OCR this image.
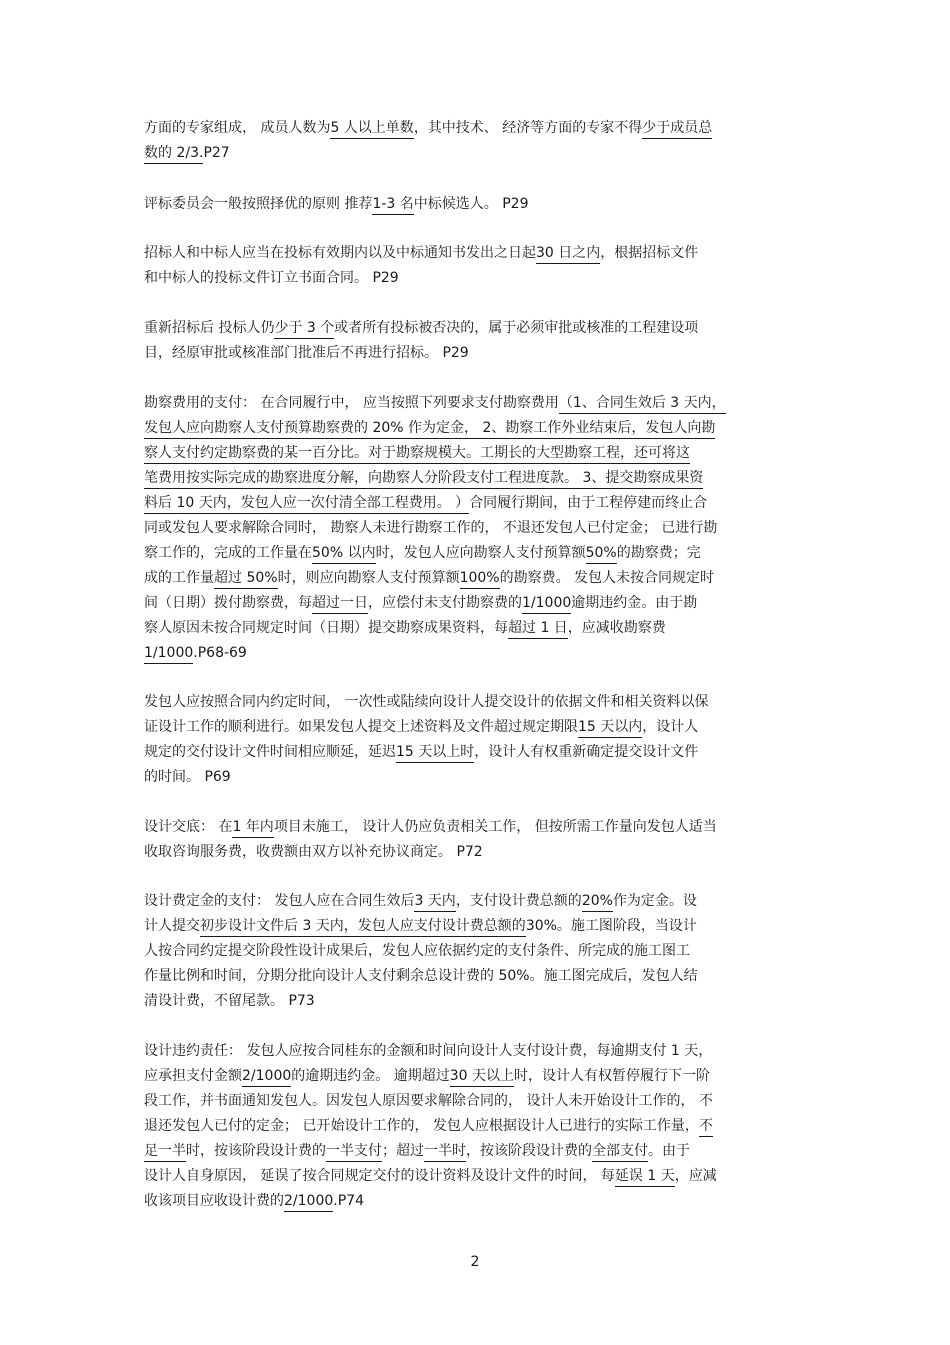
方面的专家组成， 成员人数为5 人以上单数，其中技术、 经济等方面的专家不得少于成员总
数的 2/3.P27
评标委员会一般按照择优的原则 推荐1-3 名中标候选人。 P29
招标人和中标人应当在投标有效期内以及中标通知书发出之日起30 日之内，根据招标文件
和中标人的投标文件订立书面合同。 P29
重新招标后 投标人仍少于 3 个或者所有投标被否决的，属于必须审批或核准的工程建设项
目，经原审批或核准部门批准后不再进行招标。 P29
勘察费用的支付： 在合同履行中， 应当按照下列要求支付勘察费用（1、合同生效后 3 天内，
发包人应向勘察人支付预算勘察费的 20% 作为定金， 2、勘察工作外业结束后，发包人向勘
察人支付约定勘察费的某一百分比。对于勘察规模大。工期长的大型勘察工程，还可将这
笔费用按实际完成的勘察进度分解，向勘察人分阶段支付工程进度款。 3、提交勘察成果资
料后 10 天内，发包人应一次付清全部工程费用。 ）合同履行期间，由于工程停建而终止合
同或发包人要求解除合同时， 勘察人未进行勘察工作的， 不退还发包人已付定金； 已进行勘
察工作的，完成的工作量在50% 以内时，发包人应向勘察人支付预算额50%的勘察费；完
成的工作量超过 50%时，则应向勘察人支付预算额100%的勘察费。 发包人未按合同规定时
间（日期）拨付勘察费，每超过一日，应偿付未支付勘察费的1/1000逾期违约金。由于勘
察人原因未按合同规定时间（日期）提交勘察成果资料，每超过 1 日，应减收勘察费
1/1000.P68-69
发包人应按照合同内约定时间， 一次性或陆续向设计人提交设计的依据文件和相关资料以保
证设计工作的顺利进行。如果发包人提交上述资料及文件超过规定期限15 天以内，设计人
规定的交付设计文件时间相应顺延，延迟15 天以上时，设计人有权重新确定提交设计文件
的时间。 P69
设计交底： 在1 年内项目未施工， 设计人仍应负责相关工作， 但按所需工作量向发包人适当
收取咨询服务费，收费额由双方以补充协议商定。 P72
设计费定金的支付： 发包人应在合同生效后3 天内，支付设计费总额的20%作为定金。设
计人提交初步设计文件后 3 天内，发包人应支付设计费总额的30%。施工图阶段，当设计
人按合同约定提交阶段性设计成果后，发包人应依据约定的支付条件、所完成的施工图工
作量比例和时间，分期分批向设计人支付剩余总设计费的 50%。施工图完成后，发包人结
清设计费，不留尾款。 P73
设计违约责任： 发包人应按合同桂东的金额和时间向设计人支付设计费，每逾期支付 1 天，
应承担支付金额2/1000的逾期违约金。 逾期超过30 天以上时，设计人有权暂停履行下一阶
段工作，并书面通知发包人。因发包人原因要求解除合同的， 设计人未开始设计工作的， 不
退还发包人已付的定金； 已开始设计工作的， 发包人应根据设计人已进行的实际工作量，不
足一半时，按该阶段设计费的一半支付；超过一半时，按该阶段设计费的全部支付。由于
设计人自身原因， 延误了按合同规定交付的设计资料及设计文件的时间， 每延误 1 天，应减
收该项目应收设计费的2/1000.P74
2
